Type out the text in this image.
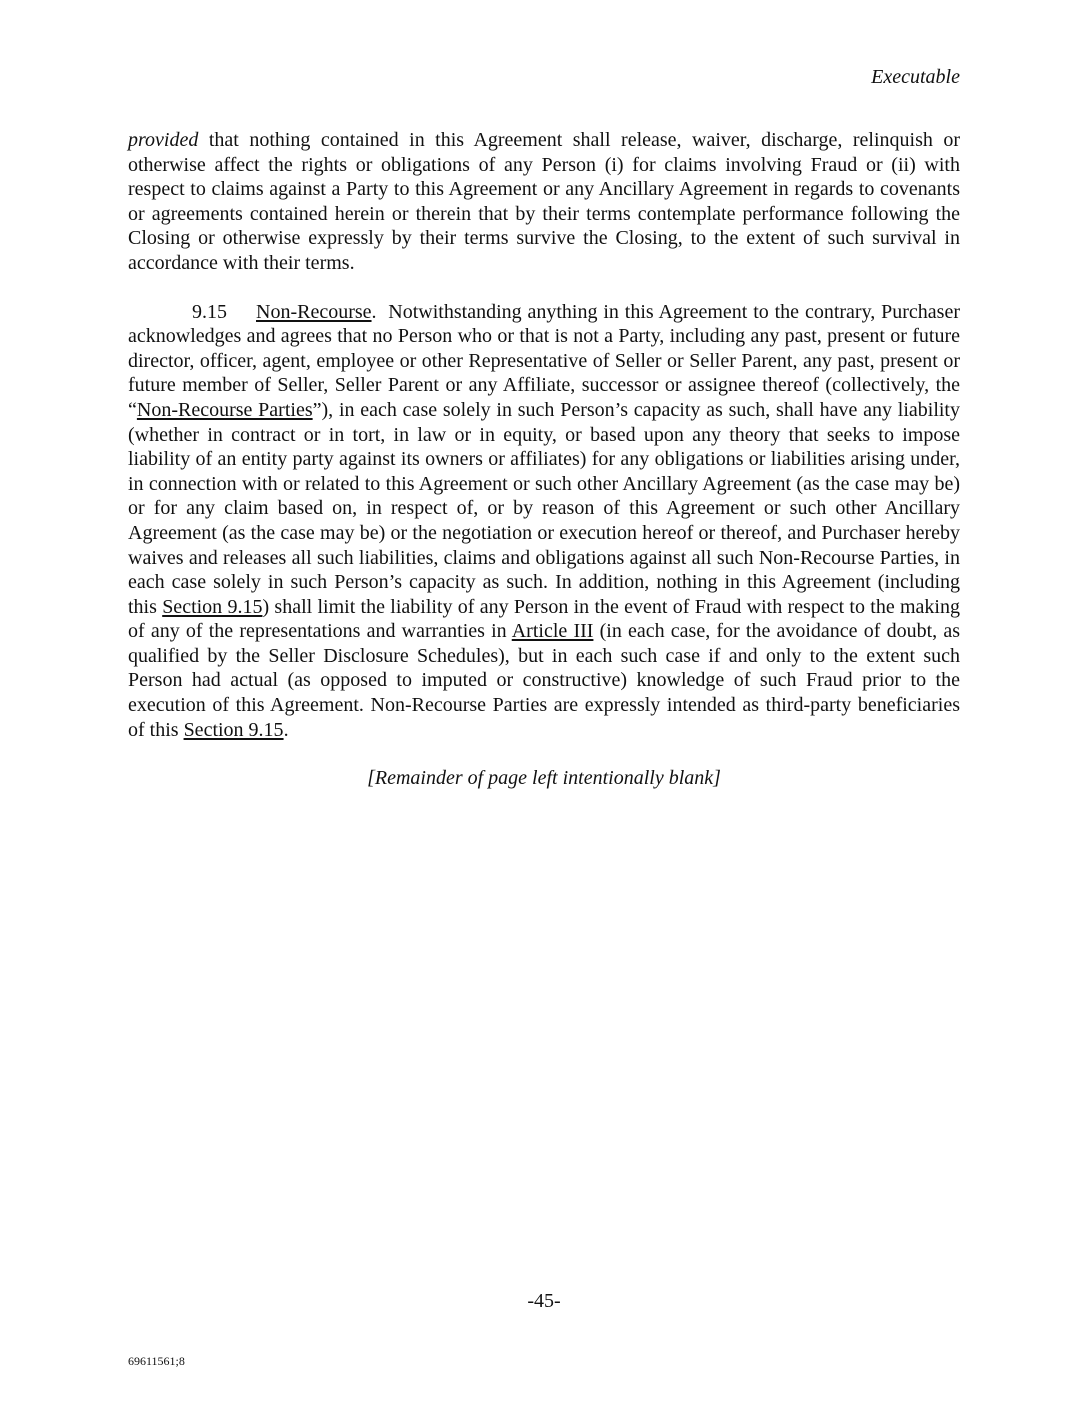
Executable

provided that nothing contained in this Agreement shall release, waiver, discharge, relinquish or otherwise affect the rights or obligations of any Person (i) for claims involving Fraud or (ii) with respect to claims against a Party to this Agreement or any Ancillary Agreement in regards to covenants or agreements contained herein or therein that by their terms contemplate performance following the Closing or otherwise expressly by their terms survive the Closing, to the extent of such survival in accordance with their terms.

9.15 Non-Recourse. Notwithstanding anything in this Agreement to the contrary, Purchaser acknowledges and agrees that no Person who or that is not a Party, including any past, present or future director, officer, agent, employee or other Representative of Seller or Seller Parent, any past, present or future member of Seller, Seller Parent or any Affiliate, successor or assignee thereof (collectively, the “Non-Recourse Parties”), in each case solely in such Person’s capacity as such, shall have any liability (whether in contract or in tort, in law or in equity, or based upon any theory that seeks to impose liability of an entity party against its owners or affiliates) for any obligations or liabilities arising under, in connection with or related to this Agreement or such other Ancillary Agreement (as the case may be) or for any claim based on, in respect of, or by reason of this Agreement or such other Ancillary Agreement (as the case may be) or the negotiation or execution hereof or thereof, and Purchaser hereby waives and releases all such liabilities, claims and obligations against all such Non-Recourse Parties, in each case solely in such Person’s capacity as such. In addition, nothing in this Agreement (including this Section 9.15) shall limit the liability of any Person in the event of Fraud with respect to the making of any of the representations and warranties in Article III (in each case, for the avoidance of doubt, as qualified by the Seller Disclosure Schedules), but in each such case if and only to the extent such Person had actual (as opposed to imputed or constructive) knowledge of such Fraud prior to the execution of this Agreement. Non-Recourse Parties are expressly intended as third-party beneficiaries of this Section 9.15.

[Remainder of page left intentionally blank]

-45-
69611561;8
